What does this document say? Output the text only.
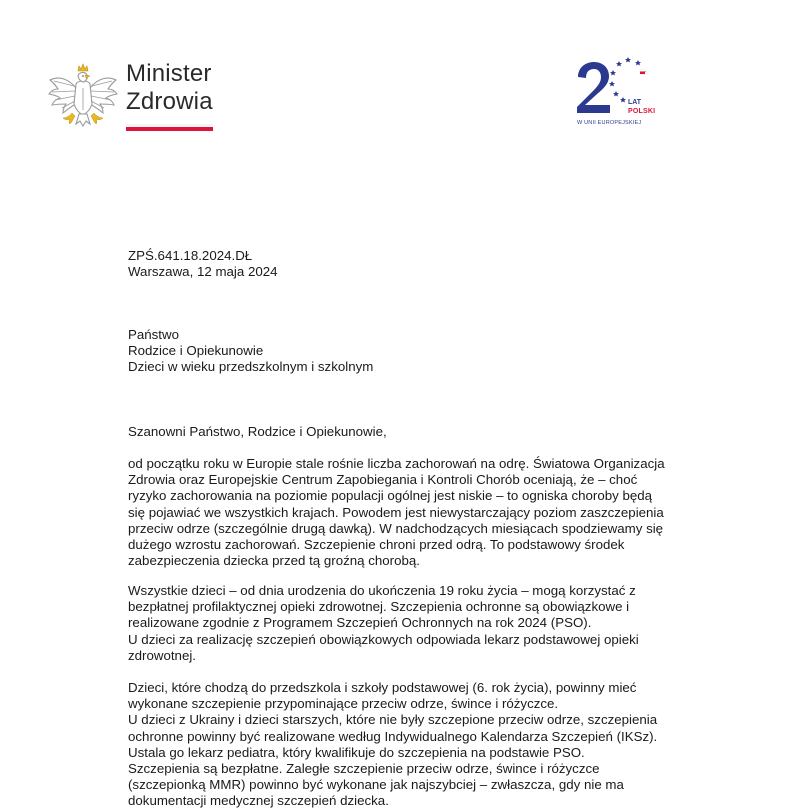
Minister
Zdrowia	LAT
POLSKI
W UNII EUROPEJSKIEJ
ZPŚ.641.18.2024.DŁ
Warszawa, 12 maja 2024
Państwo
Rodzice i Opiekunowie
Dzieci w wieku przedszkolnym i szkolnym
Szanowni Państwo, Rodzice i Opiekunowie,
od początku roku w Europie stale rośnie liczba zachorowań na odrę. Światowa Organizacja
Zdrowia oraz Europejskie Centrum Zapobiegania i Kontroli Chorób oceniają, że – choć
ryzyko zachorowania na poziomie populacji ogólnej jest niskie – to ogniska choroby będą
się pojawiać we wszystkich krajach. Powodem jest niewystarczający poziom zaszczepienia
przeciw odrze (szczególnie drugą dawką). W nadchodzących miesiącach spodziewamy się
dużego wzrostu zachorowań. Szczepienie chroni przed odrą. To podstawowy środek
zabezpieczenia dziecka przed tą groźną chorobą.
Wszystkie dzieci – od dnia urodzenia do ukończenia 19 roku życia – mogą korzystać z
bezpłatnej profilaktycznej opieki zdrowotnej. Szczepienia ochronne są obowiązkowe i
realizowane zgodnie z Programem Szczepień Ochronnych na rok 2024 (PSO).
U dzieci za realizację szczepień obowiązkowych odpowiada lekarz podstawowej opieki
zdrowotnej.
Dzieci, które chodzą do przedszkola i szkoły podstawowej (6. rok życia), powinny mieć
wykonane szczepienie przypominające przeciw odrze, śwince i różyczce.
U dzieci z Ukrainy i dzieci starszych, które nie były szczepione przeciw odrze, szczepienia
ochronne powinny być realizowane według Indywidualnego Kalendarza Szczepień (IKSz).
Ustala go lekarz pediatra, który kwalifikuje do szczepienia na podstawie PSO.
Szczepienia są bezpłatne. Zaległe szczepienie przeciw odrze, śwince i różyczce
(szczepionką MMR) powinno być wykonane jak najszybciej – zwłaszcza, gdy nie ma
dokumentacji medycznej szczepień dziecka.
